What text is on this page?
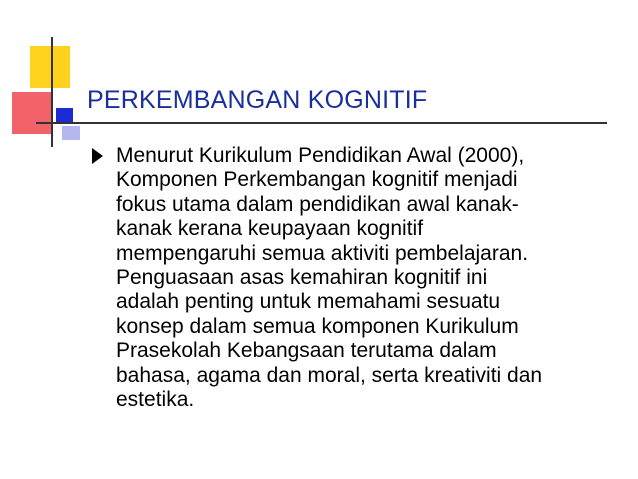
PERKEMBANGAN KOGNITIF
Menurut Kurikulum Pendidikan Awal (2000),
Komponen Perkembangan kognitif menjadi
fokus utama dalam pendidikan awal kanak-
kanak kerana keupayaan kognitif
mempengaruhi semua aktiviti pembelajaran.
Penguasaan asas kemahiran kognitif ini
adalah penting untuk memahami sesuatu
konsep dalam semua komponen Kurikulum
Prasekolah Kebangsaan terutama dalam
bahasa, agama dan moral, serta kreativiti dan
estetika.
